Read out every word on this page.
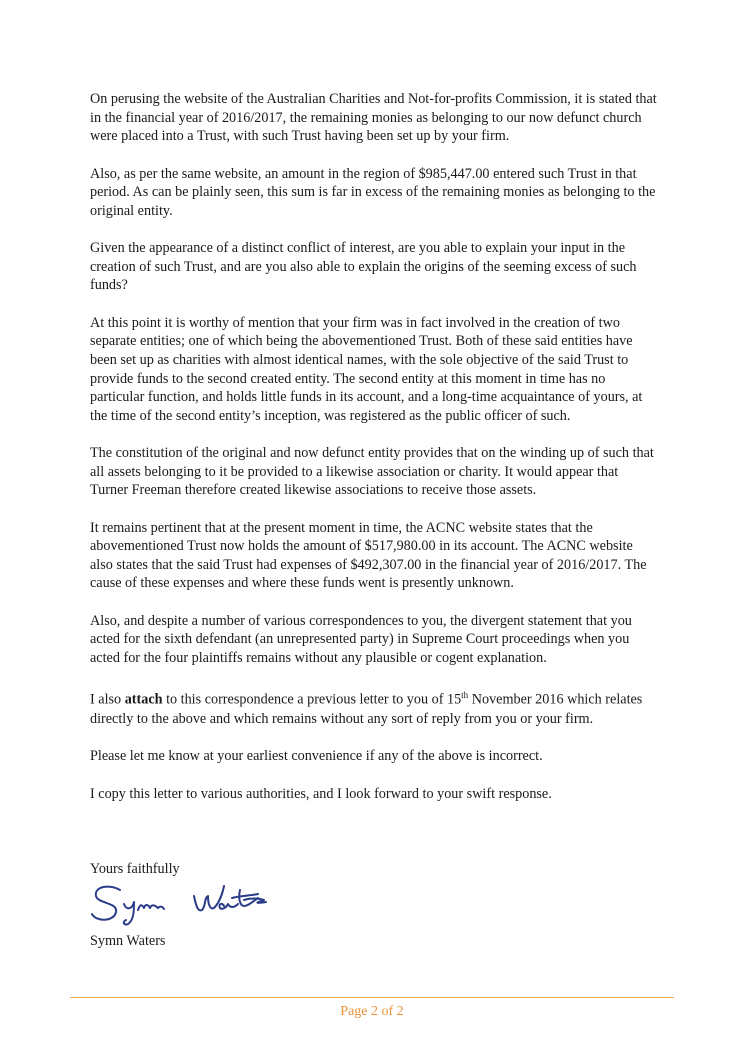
On perusing the website of the Australian Charities and Not-for-profits Commission, it is stated that in the financial year of 2016/2017, the remaining monies as belonging to our now defunct church were placed into a Trust, with such Trust having been set up by your firm.

Also, as per the same website, an amount in the region of $985,447.00 entered such Trust in that period. As can be plainly seen, this sum is far in excess of the remaining monies as belonging to the original entity.

Given the appearance of a distinct conflict of interest, are you able to explain your input in the creation of such Trust, and are you also able to explain the origins of the seeming excess of such funds?

At this point it is worthy of mention that your firm was in fact involved in the creation of two separate entities; one of which being the abovementioned Trust. Both of these said entities have been set up as charities with almost identical names, with the sole objective of the said Trust to provide funds to the second created entity. The second entity at this moment in time has no particular function, and holds little funds in its account, and a long-time acquaintance of yours, at the time of the second entity’s inception, was registered as the public officer of such.

The constitution of the original and now defunct entity provides that on the winding up of such that all assets belonging to it be provided to a likewise association or charity. It would appear that Turner Freeman therefore created likewise associations to receive those assets.

It remains pertinent that at the present moment in time, the ACNC website states that the abovementioned Trust now holds the amount of $517,980.00 in its account. The ACNC website also states that the said Trust had expenses of $492,307.00 in the financial year of 2016/2017. The cause of these expenses and where these funds went is presently unknown.

Also, and despite a number of various correspondences to you, the divergent statement that you acted for the sixth defendant (an unrepresented party) in Supreme Court proceedings when you acted for the four plaintiffs remains without any plausible or cogent explanation.

I also attach to this correspondence a previous letter to you of 15th November 2016 which relates directly to the above and which remains without any sort of reply from you or your firm.

Please let me know at your earliest convenience if any of the above is incorrect.

I copy this letter to various authorities, and I look forward to your swift response.

Yours faithfully
Symn Waters
Page 2 of 2
